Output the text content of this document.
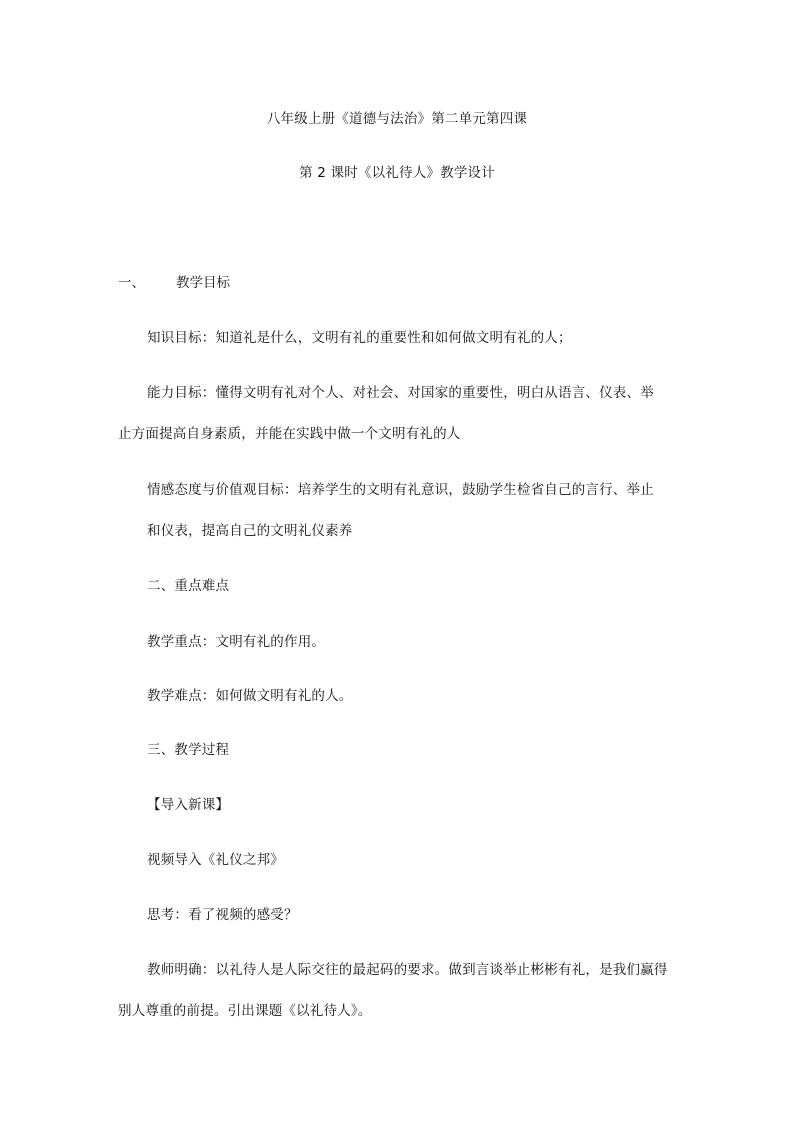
八年级上册《道德与法治》第二单元第四课
第 2 课时《以礼待人》教学设计
一、 教学目标
知识目标：知道礼是什么，文明有礼的重要性和如何做文明有礼的人；
能力目标：懂得文明有礼对个人、对社会、对国家的重要性，明白从语言、仪表、举
止方面提高自身素质，并能在实践中做一个文明有礼的人
情感态度与价值观目标：培养学生的文明有礼意识，鼓励学生检省自己的言行、举止
和仪表，提高自己的文明礼仪素养
二、重点难点
教学重点：文明有礼的作用。
教学难点：如何做文明有礼的人。
三、教学过程
【导入新课】
视频导入《礼仪之邦》
思考：看了视频的感受？
教师明确：以礼待人是人际交往的最起码的要求。做到言谈举止彬彬有礼，是我们赢得
别人尊重的前提。引出课题《以礼待人》。
